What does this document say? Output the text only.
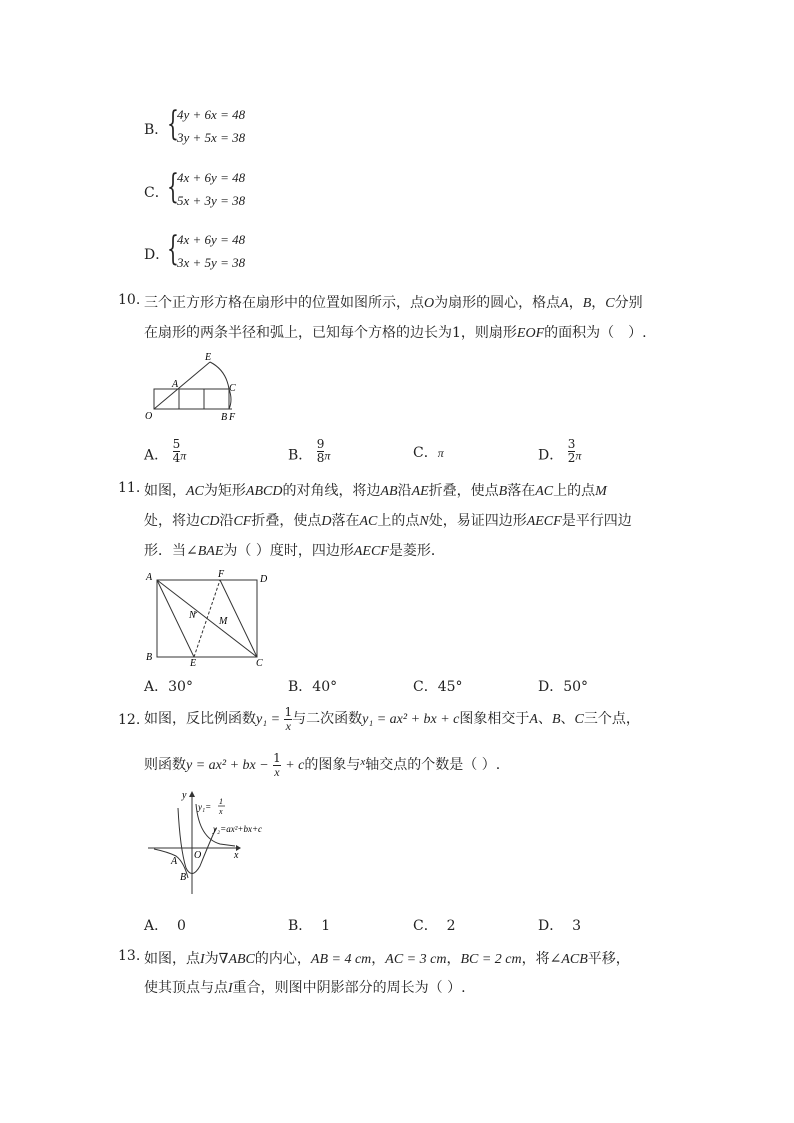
B．
{
4y + 6x = 48
3y + 5x = 38
C．
{
4x + 6y = 48
5x + 3y = 38
D．
{
4x + 6y = 48
3x + 5y = 38
10. 三个正方形方格在扇形中的位置如图所示，点O为扇形的圆心，格点A，B，C分别
在扇形的两条半径和弧上，已知每个方格的边长为1，则扇形EOF的面积为（　）.
E
A	C
O	B F
A． $\frac{5}{4}$ π	B． $\frac{9}{8}$ π	C．π	D． $\frac{3}{2}$ π
11. 如图，AC为矩形ABCD的对角线，将边AB沿AE折叠，使点B落在AC上的点M
处，将边CD沿CF折叠，使点D落在AC上的点N处，易证四边形AECF是平行四边
形．当∠BAE为（ ）度时，四边形AECF是菱形．
A	F	D
N
M
B
E	C
A．30°	B．40°	C．45°	D．50°
12. 如图，反比例函数$y_1 = \frac{1}{x}$ 与二次函数y₁ = ax² + bx + c图象相交于A、B、C三个点，
则函数y = ax² + bx − $\frac{1}{x} + c$的图象与$^x$轴交点的个数是（ ）.
y
y₁=
1
x
y₂=ax²+bx+c
A
O
B
x
A． 0	B． 1	C． 2	D． 3
13. 如图，点I为∇ABC的内心，AB = 4 cm，AC = 3 cm，BC = 2 cm，将∠ACB平移，
使其顶点与点I重合，则图中阴影部分的周长为（ ）.
